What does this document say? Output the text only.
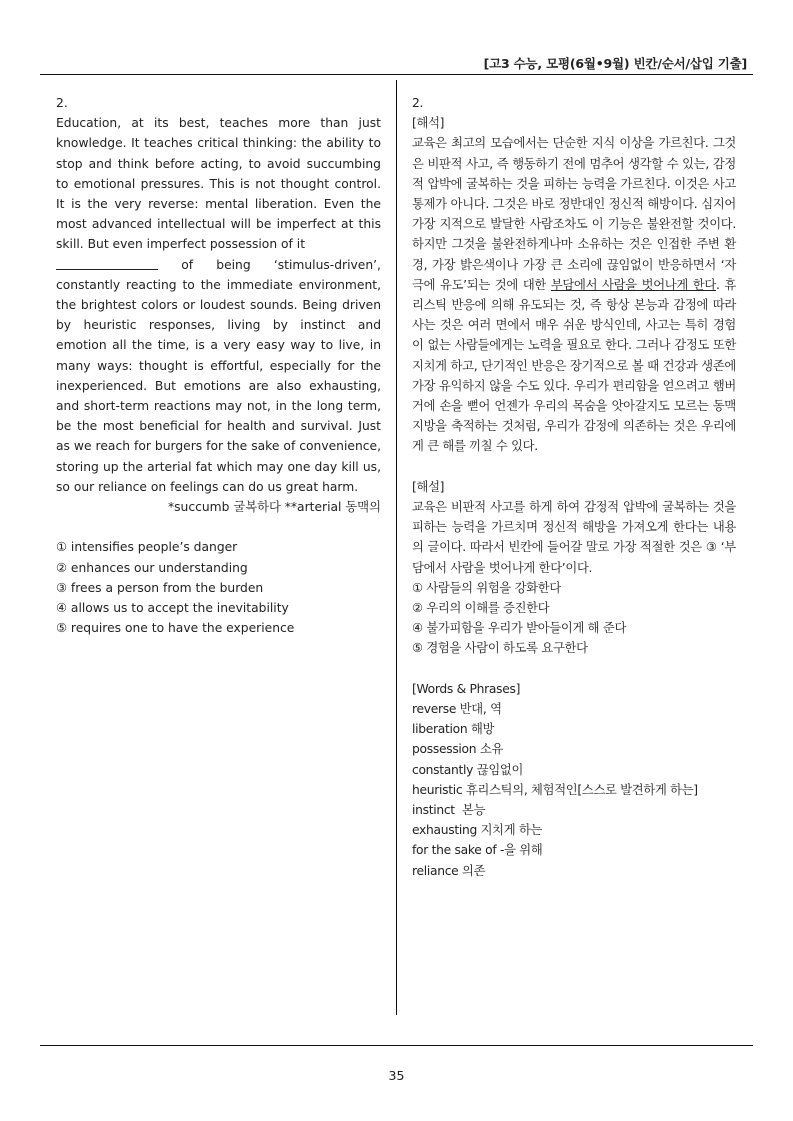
[고3 수능, 모평(6월•9월) 빈칸/순서/삽입 기출]

2.

Education, at its best, teaches more than just knowledge. It teaches critical thinking: the ability to stop and think before acting, to avoid succumbing to emotional pressures. This is not thought control. It is the very reverse: mental liberation. Even the most advanced intellectual will be imperfect at this skill. But even imperfect possession of it

of being ‘stimulus-driven’,

constantly reacting to the immediate environment, the brightest colors or loudest sounds. Being driven by heuristic responses, living by instinct and emotion all the time, is a very easy way to live, in many ways: thought is effortful, especially for the inexperienced. But emotions are also exhausting, and short-term reactions may not, in the long term, be the most beneficial for health and survival. Just as we reach for burgers for the sake of convenience, storing up the arterial fat which may one day kill us, so our reliance on feelings can do us great harm.

*succumb 굴복하다 **arterial 동맥의

① intensifies people’s danger

② enhances our understanding

③ frees a person from the burden

④ allows us to accept the inevitability

⑤ requires one to have the experience

2.

[해석]

교육은 최고의 모습에서는 단순한 지식 이상을 가르친다. 그것은 비판적 사고, 즉 행동하기 전에 멈추어 생각할 수 있는, 감정적 압박에 굴복하는 것을 피하는 능력을 가르친다. 이것은 사고 통제가 아니다. 그것은 바로 정반대인 정신적 해방이다. 심지어 가장 지적으로 발달한 사람조차도 이 기능은 불완전할 것이다. 하지만 그것을 불완전하게나마 소유하는 것은 인접한 주변 환경, 가장 밝은색이나 가장 큰 소리에 끊임없이 반응하면서 ‘자극에 유도’되는 것에 대한 부담에서 사람을 벗어나게 한다. 휴리스틱 반응에 의해 유도되는 것, 즉 항상 본능과 감정에 따라 사는 것은 여러 면에서 매우 쉬운 방식인데, 사고는 특히 경험이 없는 사람들에게는 노력을 필요로 한다. 그러나 감정도 또한 지치게 하고, 단기적인 반응은 장기적으로 볼 때 건강과 생존에 가장 유익하지 않을 수도 있다. 우리가 편리함을 얻으려고 햄버거에 손을 뻗어 언젠가 우리의 목숨을 앗아갈지도 모르는 동맥 지방을 축적하는 것처럼, 우리가 감정에 의존하는 것은 우리에게 큰 해를 끼칠 수 있다.

[해설]

교육은 비판적 사고를 하게 하여 감정적 압박에 굴복하는 것을 피하는 능력을 가르치며 정신적 해방을 가져오게 한다는 내용의 글이다. 따라서 빈칸에 들어갈 말로 가장 적절한 것은 ③ ‘부담에서 사람을 벗어나게 한다’이다.

① 사람들의 위험을 강화한다

② 우리의 이해를 증진한다

④ 불가피함을 우리가 받아들이게 해 준다

⑤ 경험을 사람이 하도록 요구한다

[Words & Phrases]

reverse 반대, 역

liberation 해방

possession 소유

constantly 끊임없이

heuristic 휴리스틱의, 체험적인[스스로 발견하게 하는]

instinct  본능

exhausting 지치게 하는

for the sake of -을 위해

reliance 의존

35
